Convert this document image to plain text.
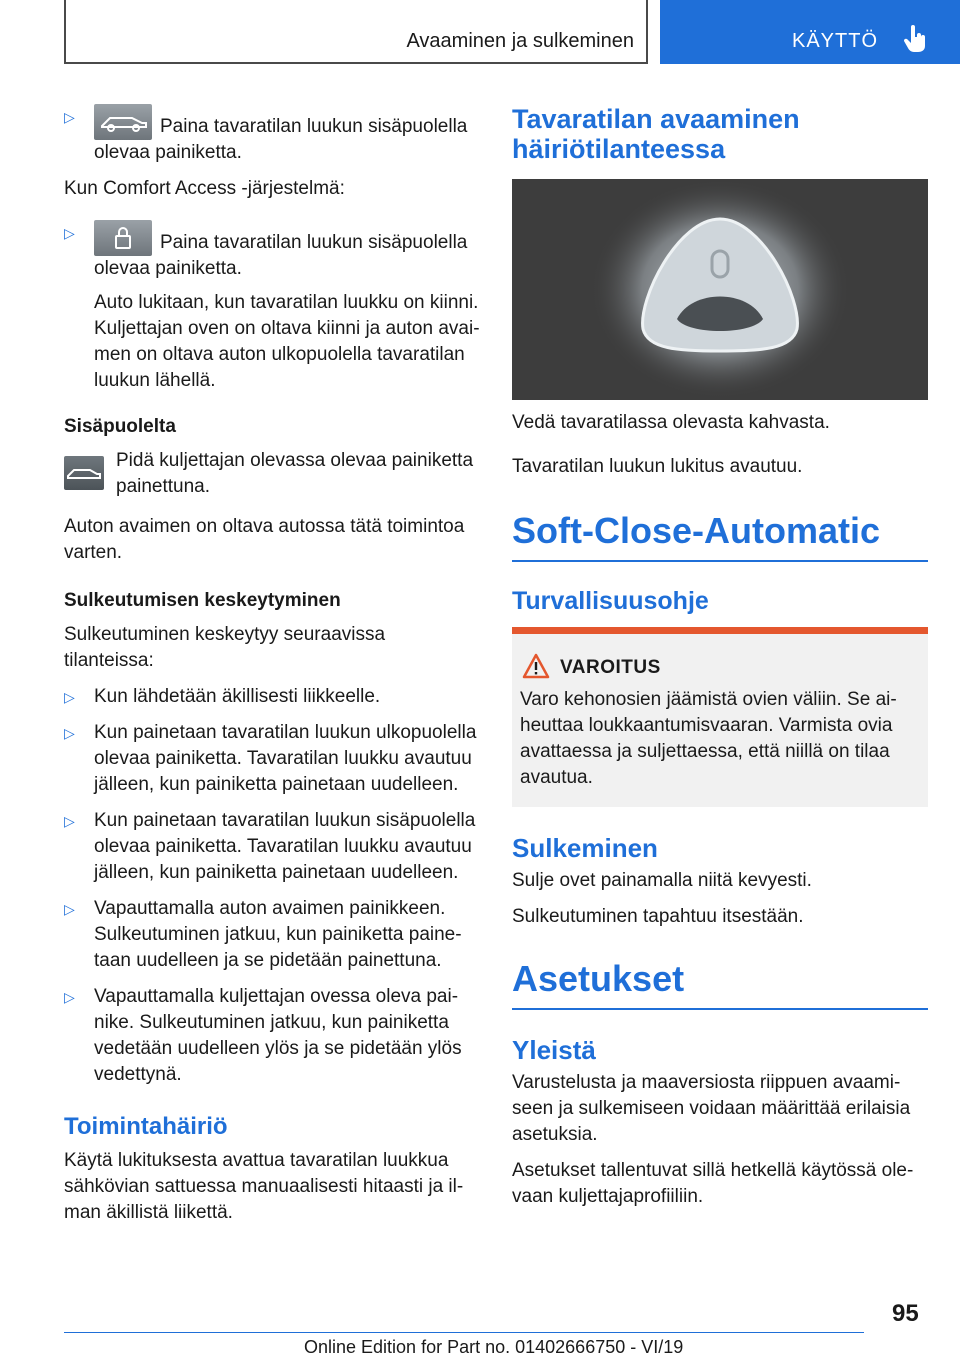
Avaaminen ja sulkeminen	KÄYTTÖ
▷	Paina tavaratilan luukun sisäpuolella olevaa painiketta.

Kun Comfort Access -järjestelmä:

▷	Paina tavaratilan luukun sisäpuolella olevaa painiketta.

Auto lukitaan, kun tavaratilan luukku on kiinni. Kuljettajan oven on oltava kiinni ja auton avaimen on oltava auton ulkopuolella tavaratilan luukun lähellä.

Sisäpuolelta

Pidä kuljettajan olevassa olevaa painiketta painettuna.

Auton avaimen on oltava autossa tätä toimintoa varten.

Sulkeutumisen keskeytyminen

Sulkeutuminen keskeytyy seuraavissa tilanteissa:

▷ Kun lähdetään äkillisesti liikkeelle.
▷ Kun painetaan tavaratilan luukun ulkopuolella olevaa painiketta. Tavaratilan luukku avautuu jälleen, kun painiketta painetaan uudelleen.
▷ Kun painetaan tavaratilan luukun sisäpuolella olevaa painiketta. Tavaratilan luukku avautuu jälleen, kun painiketta painetaan uudelleen.
▷ Vapauttamalla auton avaimen painikkeen. Sulkeutuminen jatkuu, kun painiketta painetaan uudelleen ja se pidetään painettuna.
▷ Vapauttamalla kuljettajan ovessa oleva painike. Sulkeutuminen jatkuu, kun painiketta vedetään uudelleen ylös ja se pidetään ylös vedettynä.

Toimintahäiriö

Käytä lukituksesta avattua tavaratilan luukkua sähkövian sattuessa manuaalisesti hitaasti ja ilman äkillistä liikettä.

Tavaratilan avaaminen häiriötilanteessa

Vedä tavaratilassa olevasta kahvasta.

Tavaratilan luukun lukitus avautuu.

Soft-Close-Automatic
Turvallisuusohje
VAROITUS
Varo kehonosien jäämistä ovien väliin. Se aiheuttaa loukkaantumisvaaran. Varmista ovia avattaessa ja suljettaessa, että niillä on tilaa avautua.
Sulkeminen

Sulje ovet painamalla niitä kevyesti.

Sulkeutuminen tapahtuu itsestään.

Asetukset
Yleistä

Varustelusta ja maaversiosta riippuen avaamiseen ja sulkemiseen voidaan määrittää erilaisia asetuksia.

Asetukset tallentuvat sillä hetkellä käytössä olevaan kuljettajaprofiiliin.

95
Online Edition for Part no. 01402666750 - VI/19
